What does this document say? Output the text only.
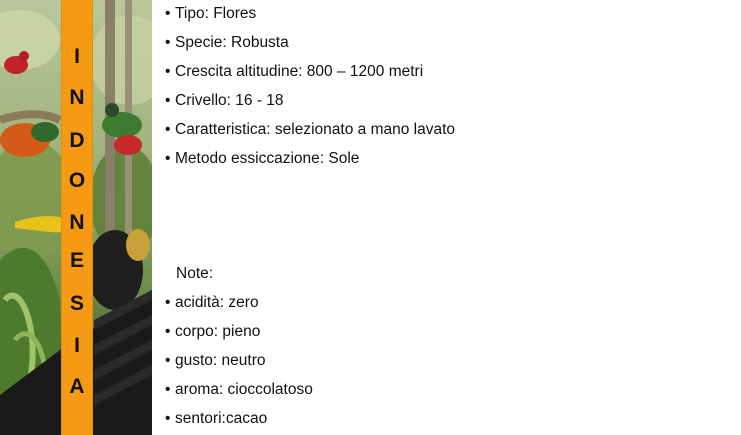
I
N
D
O
N
E
S
I
A
• Tipo: Flores
• Specie: Robusta
• Crescita altitudine: 800 – 1200 metri
• Crivello: 16 - 18
• Caratteristica: selezionato a mano lavato
• Metodo essiccazione: Sole
Note:
• acidità: zero
• corpo: pieno
• gusto: neutro
• aroma: cioccolatoso
• sentori:cacao
